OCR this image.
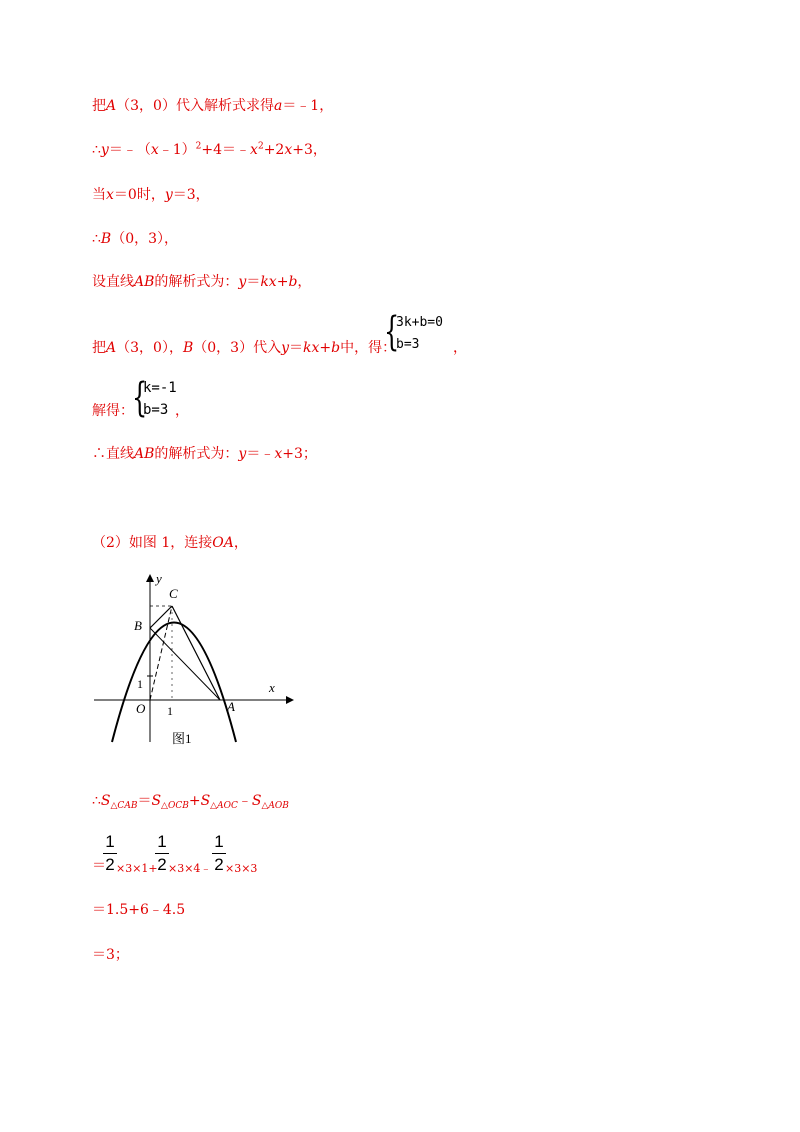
把A（3，0）代入解析式求得a＝﹣1，
$\therefore y=﹣(x﹣1)^2+4=﹣x^2+2x+3$，
当x＝0时，y＝3，
∴B（0，3），
设直线AB的解析式为：y＝kx+b，
把A（3，0），B（0，3）代入y＝kx+b中，得：
{
3k+b=0
b=3	，
解得：
{
k=-1
b=3 ，
∴直线AB的解析式为：y＝﹣x+3；
（2）如图 1，连接OA，
y
x
C
B
O	A
1
1
图1
$\therefore S_{\triangle CAB}=S_{\triangle OCB}+S_{\triangle AOC}﹣S_{\triangle AOB}$
＝
1
2 ×3×1+
1
2 ×3×4﹣
1
2 ×3×3
＝1.5+6﹣4.5
＝3；
